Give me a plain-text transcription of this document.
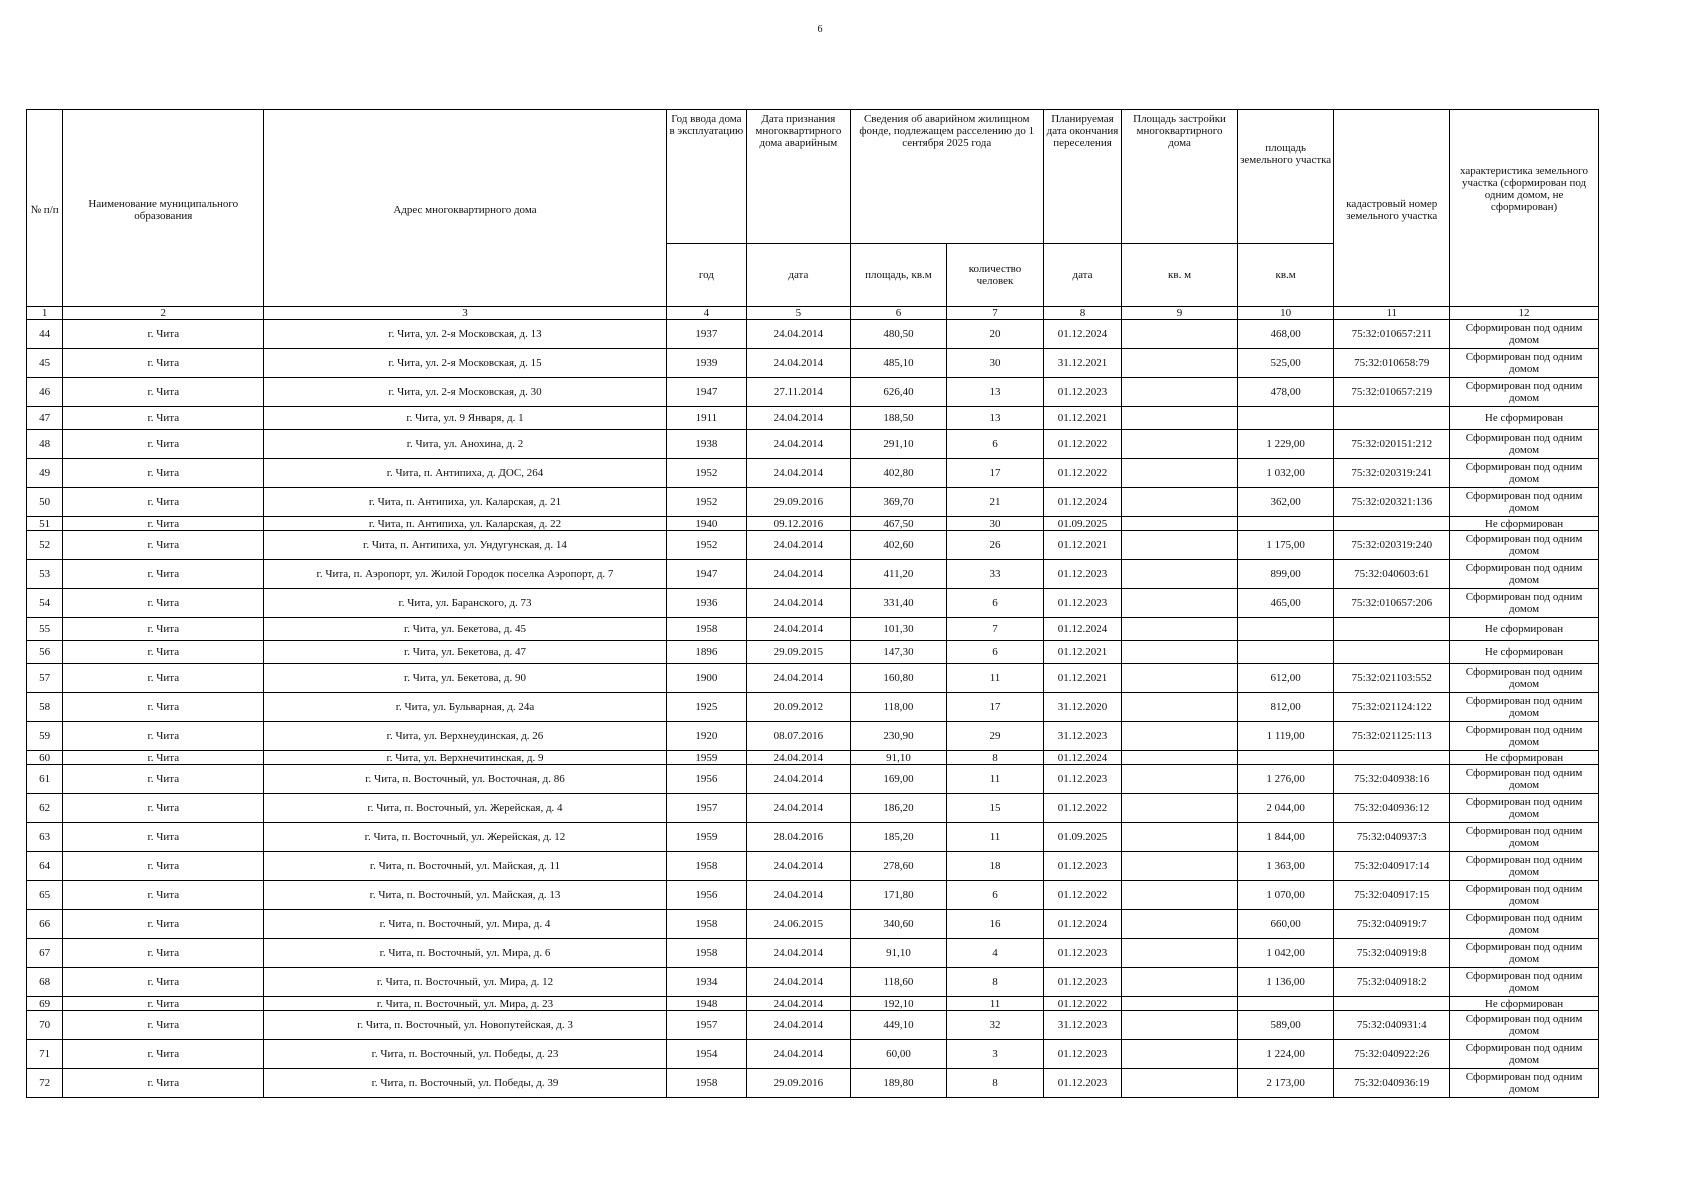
6
№ п/п	Наименование муниципального образования	Адрес многоквартирного дома	Год ввода дома в эксплуатацию	Дата признания многоквартирного дома аварийным	Сведения об аварийном жилищном фонде, подлежащем расселению до 1 сентября 2025 года		Планируемая дата окончания переселения	Площадь застройки многоквартирного дома	площадь земельного участка	кадастровый номер земельного участка	характеристика земельного участка (сформирован под одним домом, не сформирован)
			год	дата	площадь, кв.м	количество человек	дата	кв. м	кв.м		
1	2	3	4	5	6	7	8	9	10	11	12
44	г. Чита	г. Чита, ул. 2-я Московская, д. 13	1937	24.04.2014	480,50	20	01.12.2024		468,00	75:32:010657:211	Сформирован под одним домом
45	г. Чита	г. Чита, ул. 2-я Московская, д. 15	1939	24.04.2014	485,10	30	31.12.2021		525,00	75:32:010658:79	Сформирован под одним домом
46	г. Чита	г. Чита, ул. 2-я Московская, д. 30	1947	27.11.2014	626,40	13	01.12.2023		478,00	75:32:010657:219	Сформирован под одним домом
47	г. Чита	г. Чита, ул. 9 Января, д. 1	1911	24.04.2014	188,50	13	01.12.2021				Не сформирован
48	г. Чита	г. Чита, ул. Анохина, д. 2	1938	24.04.2014	291,10	6	01.12.2022		1 229,00	75:32:020151:212	Сформирован под одним домом
49	г. Чита	г. Чита, п. Антипиха, д. ДОС, 264	1952	24.04.2014	402,80	17	01.12.2022		1 032,00	75:32:020319:241	Сформирован под одним домом
50	г. Чита	г. Чита, п. Антипиха, ул. Каларская, д. 21	1952	29.09.2016	369,70	21	01.12.2024		362,00	75:32:020321:136	Сформирован под одним домом
51	г. Чита	г. Чита, п. Антипиха, ул. Каларская, д. 22	1940	09.12.2016	467,50	30	01.09.2025				Не сформирован
52	г. Чита	г. Чита, п. Антипиха, ул. Ундугунская, д. 14	1952	24.04.2014	402,60	26	01.12.2021		1 175,00	75:32:020319:240	Сформирован под одним домом
53	г. Чита	г. Чита, п. Аэропорт, ул. Жилой Городок поселка Аэропорт, д. 7	1947	24.04.2014	411,20	33	01.12.2023		899,00	75:32:040603:61	Сформирован под одним домом
54	г. Чита	г. Чита, ул. Баранского, д. 73	1936	24.04.2014	331,40	6	01.12.2023		465,00	75:32:010657:206	Сформирован под одним домом
55	г. Чита	г. Чита, ул. Бекетова, д. 45	1958	24.04.2014	101,30	7	01.12.2024				Не сформирован
56	г. Чита	г. Чита, ул. Бекетова, д. 47	1896	29.09.2015	147,30	6	01.12.2021				Не сформирован
57	г. Чита	г. Чита, ул. Бекетова, д. 90	1900	24.04.2014	160,80	11	01.12.2021		612,00	75:32:021103:552	Сформирован под одним домом
58	г. Чита	г. Чита, ул. Бульварная, д. 24а	1925	20.09.2012	118,00	17	31.12.2020		812,00	75:32:021124:122	Сформирован под одним домом
59	г. Чита	г. Чита, ул. Верхнеудинская, д. 26	1920	08.07.2016	230,90	29	31.12.2023		1 119,00	75:32:021125:113	Сформирован под одним домом
60	г. Чита	г. Чита, ул. Верхнечитинская, д. 9	1959	24.04.2014	91,10	8	01.12.2024				Не сформирован
61	г. Чита	г. Чита, п. Восточный, ул. Восточная, д. 86	1956	24.04.2014	169,00	11	01.12.2023		1 276,00	75:32:040938:16	Сформирован под одним домом
62	г. Чита	г. Чита, п. Восточный, ул. Жерейская, д. 4	1957	24.04.2014	186,20	15	01.12.2022		2 044,00	75:32:040936:12	Сформирован под одним домом
63	г. Чита	г. Чита, п. Восточный, ул. Жерейская, д. 12	1959	28.04.2016	185,20	11	01.09.2025		1 844,00	75:32:040937:3	Сформирован под одним домом
64	г. Чита	г. Чита, п. Восточный, ул. Майская, д. 11	1958	24.04.2014	278,60	18	01.12.2023		1 363,00	75:32:040917:14	Сформирован под одним домом
65	г. Чита	г. Чита, п. Восточный, ул. Майская, д. 13	1956	24.04.2014	171,80	6	01.12.2022		1 070,00	75:32:040917:15	Сформирован под одним домом
66	г. Чита	г. Чита, п. Восточный, ул. Мира, д. 4	1958	24.06.2015	340,60	16	01.12.2024		660,00	75:32:040919:7	Сформирован под одним домом
67	г. Чита	г. Чита, п. Восточный, ул. Мира, д. 6	1958	24.04.2014	91,10	4	01.12.2023		1 042,00	75:32:040919:8	Сформирован под одним домом
68	г. Чита	г. Чита, п. Восточный, ул. Мира, д. 12	1934	24.04.2014	118,60	8	01.12.2023		1 136,00	75:32:040918:2	Сформирован под одним домом
69	г. Чита	г. Чита, п. Восточный, ул. Мира, д. 23	1948	24.04.2014	192,10	11	01.12.2022				Не сформирован
70	г. Чита	г. Чита, п. Восточный, ул. Новопутейская, д. 3	1957	24.04.2014	449,10	32	31.12.2023		589,00	75:32:040931:4	Сформирован под одним домом
71	г. Чита	г. Чита, п. Восточный, ул. Победы, д. 23	1954	24.04.2014	60,00	3	01.12.2023		1 224,00	75:32:040922:26	Сформирован под одним домом
72	г. Чита	г. Чита, п. Восточный, ул. Победы, д. 39	1958	29.09.2016	189,80	8	01.12.2023		2 173,00	75:32:040936:19	Сформирован под одним домом
